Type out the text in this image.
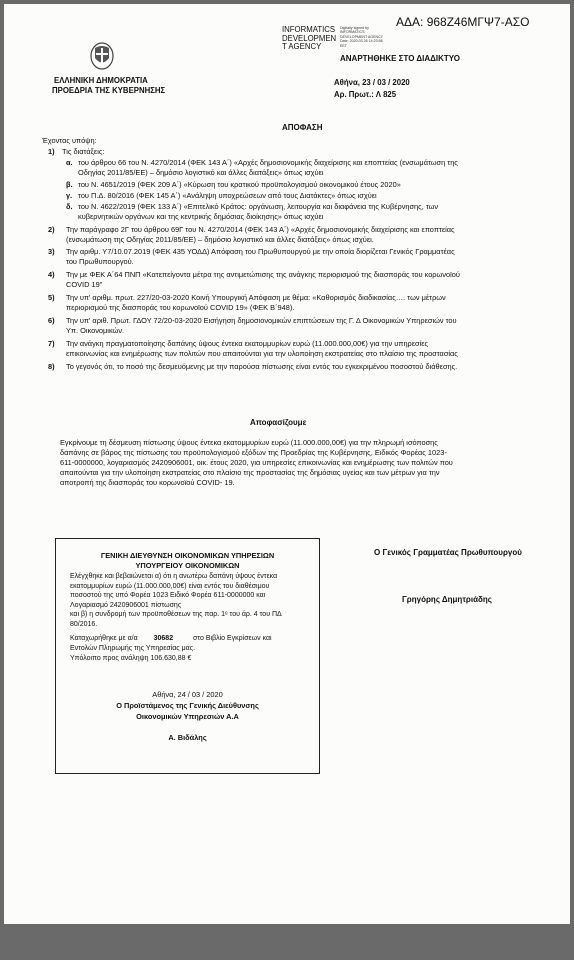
ΑΔΑ: 968Z46ΜΓΨ7-ΑΣΟ
INFORMATICS
DEVELOPMEN
T AGENCY
Digitally signed by
INFORMATICS
DEVELOPMENT AGENCY
Date: 2020.03.26 14:23:58
EET
ΑΝΑΡΤΗΘΗΚΕ ΣΤΟ ΔΙΑΔΙΚΤΥΟ
ΕΛΛΗΝΙΚΗ ΔΗΜΟΚΡΑΤΙΑ
ΠΡΟΕΔΡΙΑ ΤΗΣ ΚΥΒΕΡΝΗΣΗΣ
Αθήνα, 23 / 03 / 2020
Αρ. Πρωτ.: Λ 825
ΑΠΟΦΑΣΗ
Έχοντας υπόψη:
1) Τις διατάξεις:
α. του άρθρου 66 του Ν. 4270/2014 (ΦΕΚ 143 Α΄) «Αρχές δημοσιονομικής διαχείρισης και εποπτείας (ενσωμάτωση της
Οδηγίας 2011/85/ΕΕ) – δημόσιο λογιστικό και άλλες διατάξεις» όπως ισχύει
β. του Ν. 4651/2019 (ΦΕΚ 209 Α΄) «Κύρωση του κρατικού προϋπολογισμού οικονομικού έτους 2020»
γ. του Π.Δ. 80/2016 (ΦΕΚ 145 Α΄) «Ανάληψη υποχρεώσεων από τους Διατάκτες» όπως ισχύει
δ. του Ν. 4622/2019 (ΦΕΚ 133 Α΄) «Επιτελικό Κράτος: οργάνωση, λειτουργία και διαφάνεια της Κυβέρνησης, των
κυβερνητικών οργάνων και της κεντρικής δημόσιας διοίκησης» όπως ισχύει
2) Την παράγραφο 2Γ του άρθρου 69Γ του Ν. 4270/2014 (ΦΕΚ 143 Α΄) «Αρχές δημοσιονομικής διαχείρισης και εποπτείας
(ενσωμάτωση της Οδηγίας 2011/85/ΕΕ) – δημόσιο λογιστικό και άλλες διατάξεις» όπως ισχύει.
3) Την αριθμ. Υ7/10.07.2019 (ΦΕΚ 435 ΥΟΔΔ) Απόφαση του Πρωθυπουργού με την οποία διορίζεται Γενικός Γραμματέας
του Πρωθυπουργού.
4) Την με ΦΕΚ Α΄64 ΠΝΠ «Κατεπείγοντα μέτρα της αντιμετώπισης της ανάγκης περιορισμού της διασποράς του κορωνοϊού
COVID 19"
5) Την υπ' αριθμ. πρωτ. 227/20-03-2020 Κοινή Υπουργική Απόφαση με θέμα: «Καθορισμός διαδικασίας…. των μέτρων
περιορισμού της διασποράς του κορωνοϊού COVID 19» (ΦΕΚ Β΄948).
6) Την υπ' αριθ. Πρωτ. ΓΔΟΥ 72/20-03-2020 Εισήγηση δημοσιονομικών επιπτώσεων της Γ. Δ Οικονομικών Υπηρεσιών του
Υπ. Οικονομικών.
7) Την ανάγκη πραγματοποίησης δαπάνης ύψους έντεκα εκατομμυρίων ευρώ (11.000.000,00€) για την υπηρεσίες
επικοινωνίας και ενημέρωσης των πολιτών που απαιτούνται για την υλοποίηση εκστρατείας στο πλαίσιο της προστασίας
8) Το γεγονός ότι, το ποσό της δεσμευόμενης με την παρούσα πίστωσης είναι εντός του εγκεκριμένου ποσοστού διάθεσης.
Αποφασίζουμε
Εγκρίνουμε τη δέσμευση πίστωσης ύψους έντεκα εκατομμυρίων ευρώ (11.000.000,00€) για την πληρωμή ισόποσης
δαπάνης σε βάρος της πίστωσης του προϋπολογισμού εξόδων της Προεδρίας της Κυβέρνησης, Ειδικός Φορέας 1023-
611-0000000, λογαριασμός 2420906001, οικ. έτους 2020, για υπηρεσίες επικοινωνίας και ενημέρωσης των πολιτών που
απαιτούνται για την υλοποίηση εκστρατείας στο πλαίσιο της προστασίας της δημόσιας υγείας και των μέτρων για την
αποτροπή της διασποράς του κορωνοϊού COVID- 19.
ΓΕΝΙΚΗ ΔΙΕΥΘΥΝΣΗ ΟΙΚΟΝΟΜΙΚΩΝ ΥΠΗΡΕΣΙΩΝ
ΥΠΟΥΡΓΕΙΟΥ ΟΙΚΟΝΟΜΙΚΩΝ
Ελέγχθηκε και βεβαιώνεται α) ότι η ανωτέρω δαπάνη ύψους έντεκα
εκατομμυρίων ευρώ (11.000.000,00€) είναι εντός του διαθέσιμου
ποσοστού της υπό Φορέα 1023 Ειδικό Φορέα 611-0000000 και
Λογαριασμό 2420906001 πίστωσης
και β) η συνδρομή των προϋποθέσεων της παρ. 1ᵉ του άρ. 4 του ΠΔ
80/2016.
Καταχωρήθηκε με α/α 30682	στο Βιβλίο Εγκρίσεων και
Εντολών Πληρωμής της Υπηρεσίας μας.
Υπόλοιπο προς ανάληψη 106.630,88 €
Αθήνα, 24 / 03 / 2020
Ο Προϊστάμενος της Γενικής Διεύθυνσης
Οικονομικών Υπηρεσιών Α.Α
Α. Βιδάλης
Ο Γενικός Γραμματέας Πρωθυπουργού
Γρηγόρης Δημητριάδης
